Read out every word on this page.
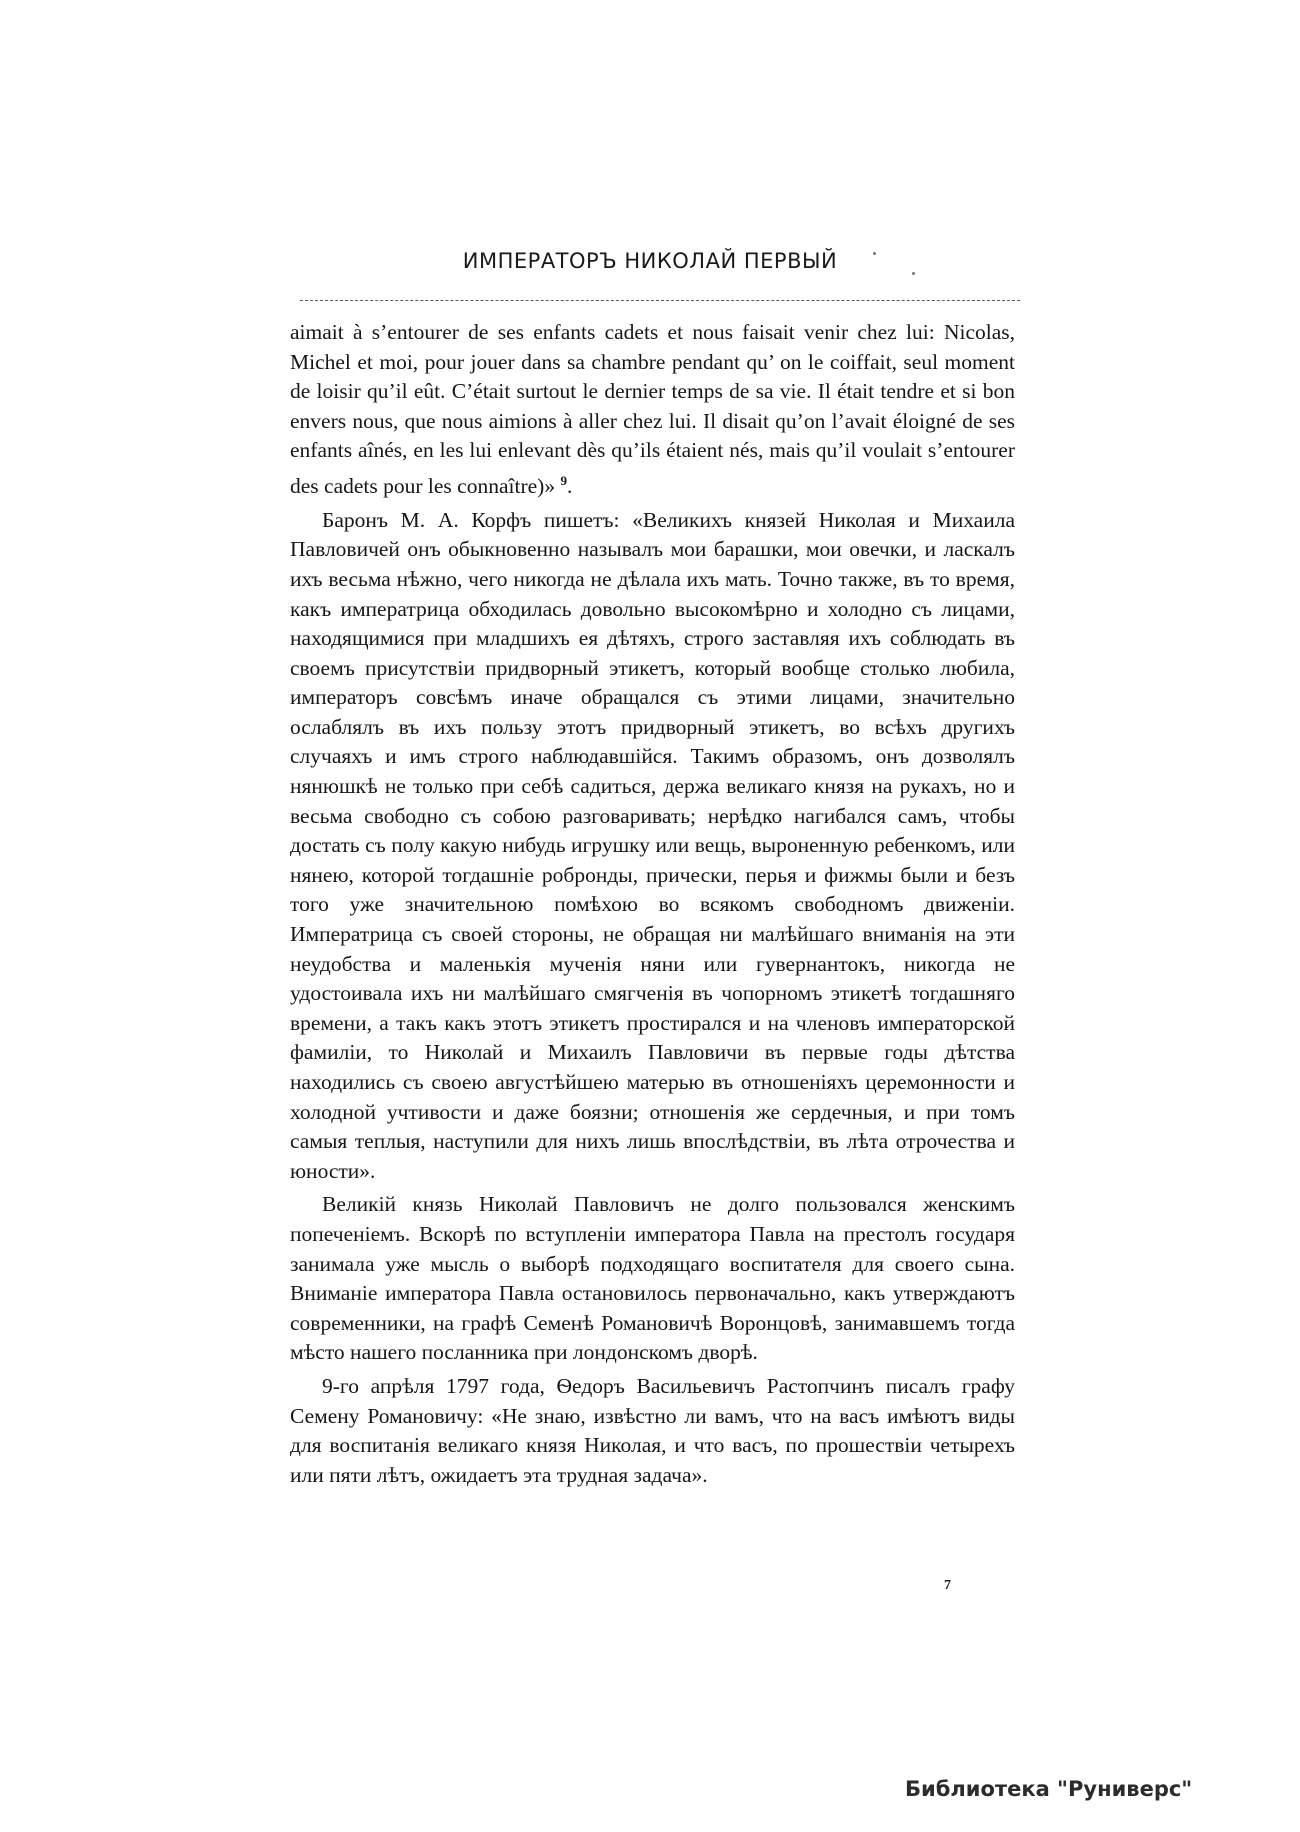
ИМПЕРАТОРЪ НИКОЛАЙ ПЕРВЫЙ

aimait à s’entourer de ses enfants cadets et nous faisait venir chez lui: Nicolas, Michel et moi, pour jouer dans sa chambre pendant qu’ on le coiffait, seul moment de loisir qu’il eût. C’était surtout le dernier temps de sa vie. Il était tendre et si bon envers nous, que nous aimions à aller chez lui. Il disait qu’on l’avait éloigné de ses enfants aînés, en les lui enlevant dès qu’ils étaient nés, mais qu’il voulait s’entourer des cadets pour les connaître)» $^9$.

Баронъ М. А. Корфъ пишетъ: «Великихъ князей Николая и Михаила Павловичей онъ обыкновенно называлъ мои барашки, мои овечки, и ласкалъ ихъ весьма нѣжно, чего никогда не дѣлала ихъ мать. Точно также, въ то время, какъ императрица обходилась довольно высокомѣрно и холодно съ лицами, находящимися при младшихъ ея дѣтяхъ, строго заставляя ихъ соблюдать въ своемъ присутствіи придворный этикетъ, который вообще столько любила, императоръ совсѣмъ иначе обращался съ этими лицами, значительно ослаблялъ въ ихъ пользу этотъ придворный этикетъ, во всѣхъ другихъ случаяхъ и имъ строго наблюдавшійся. Такимъ образомъ, онъ дозволялъ нянюшкѣ не только при себѣ садиться, держа великаго князя на рукахъ, но и весьма свободно съ собою разговаривать; нерѣдко нагибался самъ, чтобы достать съ полу какую нибудь игрушку или вещь, выроненную ребенкомъ, или нянею, которой тогдашніе робронды, прически, перья и фижмы были и безъ того уже значительною помѣхою во всякомъ свободномъ движеніи. Императрица съ своей стороны, не обращая ни малѣйшаго вниманія на эти неудобства и маленькія мученія няни или гувернантокъ, никогда не удостоивала ихъ ни малѣйшаго смягченія въ чопорномъ этикетѣ тогдашняго времени, а такъ какъ этотъ этикетъ простирался и на членовъ императорской фамиліи, то Николай и Михаилъ Павловичи въ первые годы дѣтства находились съ своею августѣйшею матерью въ отношеніяхъ церемонности и холодной учтивости и даже боязни; отношенія же сердечныя, и при томъ самыя теплыя, наступили для нихъ лишь впослѣдствіи, въ лѣта отрочества и юности».

Великій князь Николай Павловичъ не долго пользовался женскимъ попеченіемъ. Вскорѣ по вступленіи императора Павла на престолъ государя занимала уже мысль о выборѣ подходящаго воспитателя для своего сына. Вниманіе императора Павла остановилось первоначально, какъ утверждаютъ современники, на графѣ Семенѣ Романовичѣ Воронцовѣ, занимавшемъ тогда мѣсто нашего посланника при лондонскомъ дворѣ.

9-го апрѣля 1797 года, Ѳедоръ Васильевичъ Растопчинъ писалъ графу Семену Романовичу: «Не знаю, извѣстно ли вамъ, что на васъ имѣютъ виды для воспитанія великаго князя Николая, и что васъ, по прошествіи четырехъ или пяти лѣтъ, ожидаетъ эта трудная задача».

7
Библиотека "Руниверс"
